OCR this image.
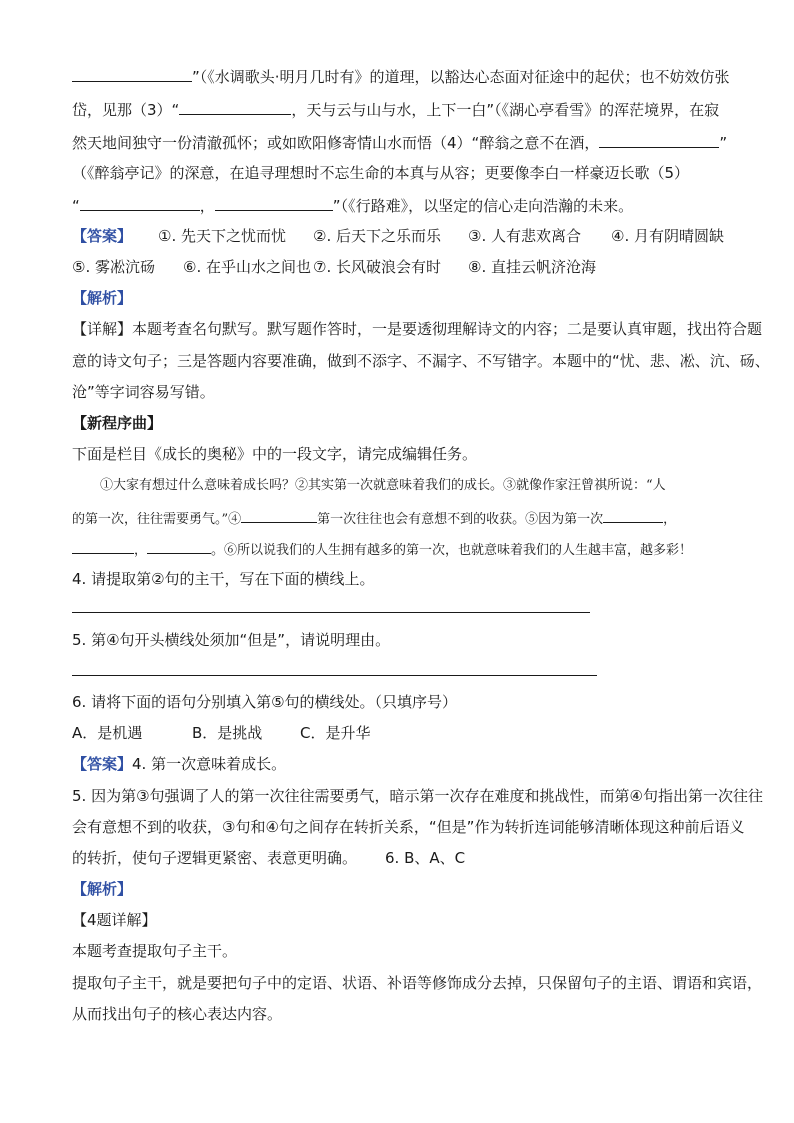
”（《水调歌头·明月几时有》的道理，以豁达心态面对征途中的起伏；也不妨效仿张
岱，见那（3）“	，天与云与山与水，上下一白”（《湖心亭看雪》的浑茫境界，在寂
然天地间独守一份清澈孤怀；或如欧阳修寄情山水而悟（4）“醉翁之意不在酒，	”
（《醉翁亭记》的深意，在追寻理想时不忘生命的本真与从容；更要像李白一样豪迈长歌（5）
“	，	”（《行路难》，以坚定的信心走向浩瀚的未来。
【答案】 ①. 先天下之忧而忧 ②. 后天下之乐而乐 ③. 人有悲欢离合 ④. 月有阴晴圆缺
⑤. 雾凇沆砀 ⑥. 在乎山水之间也 ⑦. 长风破浪会有时 ⑧. 直挂云帆济沧海
【解析】
【详解】本题考查名句默写。默写题作答时，一是要透彻理解诗文的内容；二是要认真审题，找出符合题
意的诗文句子；三是答题内容要准确，做到不添字、不漏字、不写错字。本题中的“忧、悲、凇、沆、砀、
沧”等字词容易写错。
【新程序曲】
下面是栏目《成长的奥秘》中的一段文字，请完成编辑任务。
①大家有想过什么意味着成长吗？②其实第一次就意味着我们的成长。③就像作家汪曾祺所说：“人
的第一次，往往需要勇气。”④	第一次往往也会有意想不到的收获。⑤因为第一次	，
，	。⑥所以说我们的人生拥有越多的第一次，也就意味着我们的人生越丰富，越多彩！
4. 请提取第②句的主干，写在下面的横线上。
5. 第④句开头横线处须加“但是”，请说明理由。
6. 请将下面的语句分别填入第⑤句的横线处。（只填序号）
A．是机遇	B．是挑战	C．是升华
【答案】4. 第一次意味着成长。
5. 因为第③句强调了人的第一次往往需要勇气，暗示第一次存在难度和挑战性，而第④句指出第一次往往
会有意想不到的收获，③句和④句之间存在转折关系，“但是”作为转折连词能够清晰体现这种前后语义
的转折，使句子逻辑更紧密、表意更明确。 6. B、A、C
【解析】
【4题详解】
本题考查提取句子主干。
提取句子主干，就是要把句子中的定语、状语、补语等修饰成分去掉，只保留句子的主语、谓语和宾语，
从而找出句子的核心表达内容。
